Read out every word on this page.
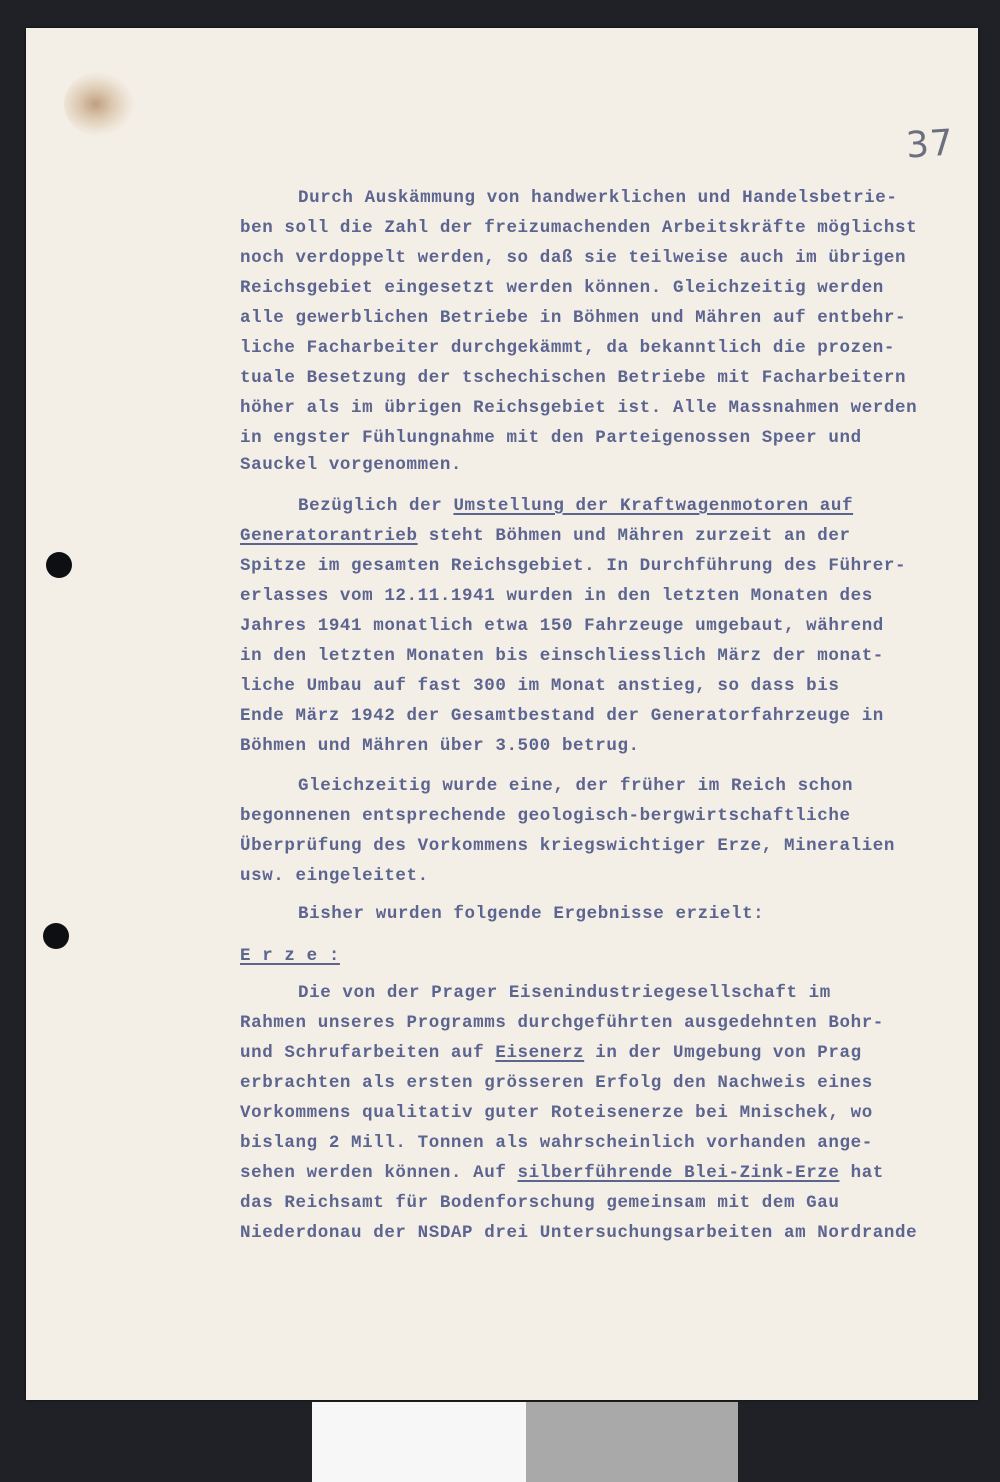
37
Durch Auskämmung von handwerklichen und Handelsbetrie-
ben soll die Zahl der freizumachenden Arbeitskräfte möglichst
noch verdoppelt werden, so daß sie teilweise auch im übrigen
Reichsgebiet eingesetzt werden können. Gleichzeitig werden
alle gewerblichen Betriebe in Böhmen und Mähren auf entbehr-
liche Facharbeiter durchgekämmt, da bekanntlich die prozen-
tuale Besetzung der tschechischen Betriebe mit Facharbeitern
höher als im übrigen Reichsgebiet ist. Alle Massnahmen werden
in engster Fühlungnahme mit den Parteigenossen Speer und
Sauckel vorgenommen.
Bezüglich der Umstellung der Kraftwagenmotoren auf
Generatorantrieb steht Böhmen und Mähren zurzeit an der
Spitze im gesamten Reichsgebiet. In Durchführung des Führer-
erlasses vom 12.11.1941 wurden in den letzten Monaten des
Jahres 1941 monatlich etwa 150 Fahrzeuge umgebaut, während
in den letzten Monaten bis einschliesslich März der monat-
liche Umbau auf fast 300 im Monat anstieg, so dass bis
Ende März 1942 der Gesamtbestand der Generatorfahrzeuge in
Böhmen und Mähren über 3.500 betrug.
Gleichzeitig wurde eine, der früher im Reich schon
begonnenen entsprechende geologisch-bergwirtschaftliche
Überprüfung des Vorkommens kriegswichtiger Erze, Mineralien
usw. eingeleitet.
Bisher wurden folgende Ergebnisse erzielt:
E r z e :
Die von der Prager Eisenindustriegesellschaft im
Rahmen unseres Programms durchgeführten ausgedehnten Bohr-
und Schrufarbeiten auf Eisenerz in der Umgebung von Prag
erbrachten als ersten grösseren Erfolg den Nachweis eines
Vorkommens qualitativ guter Roteisenerze bei Mnischek, wo
bislang 2 Mill. Tonnen als wahrscheinlich vorhanden ange-
sehen werden können. Auf silberführende Blei-Zink-Erze hat
das Reichsamt für Bodenforschung gemeinsam mit dem Gau
Niederdonau der NSDAP drei Untersuchungsarbeiten am Nordrande
